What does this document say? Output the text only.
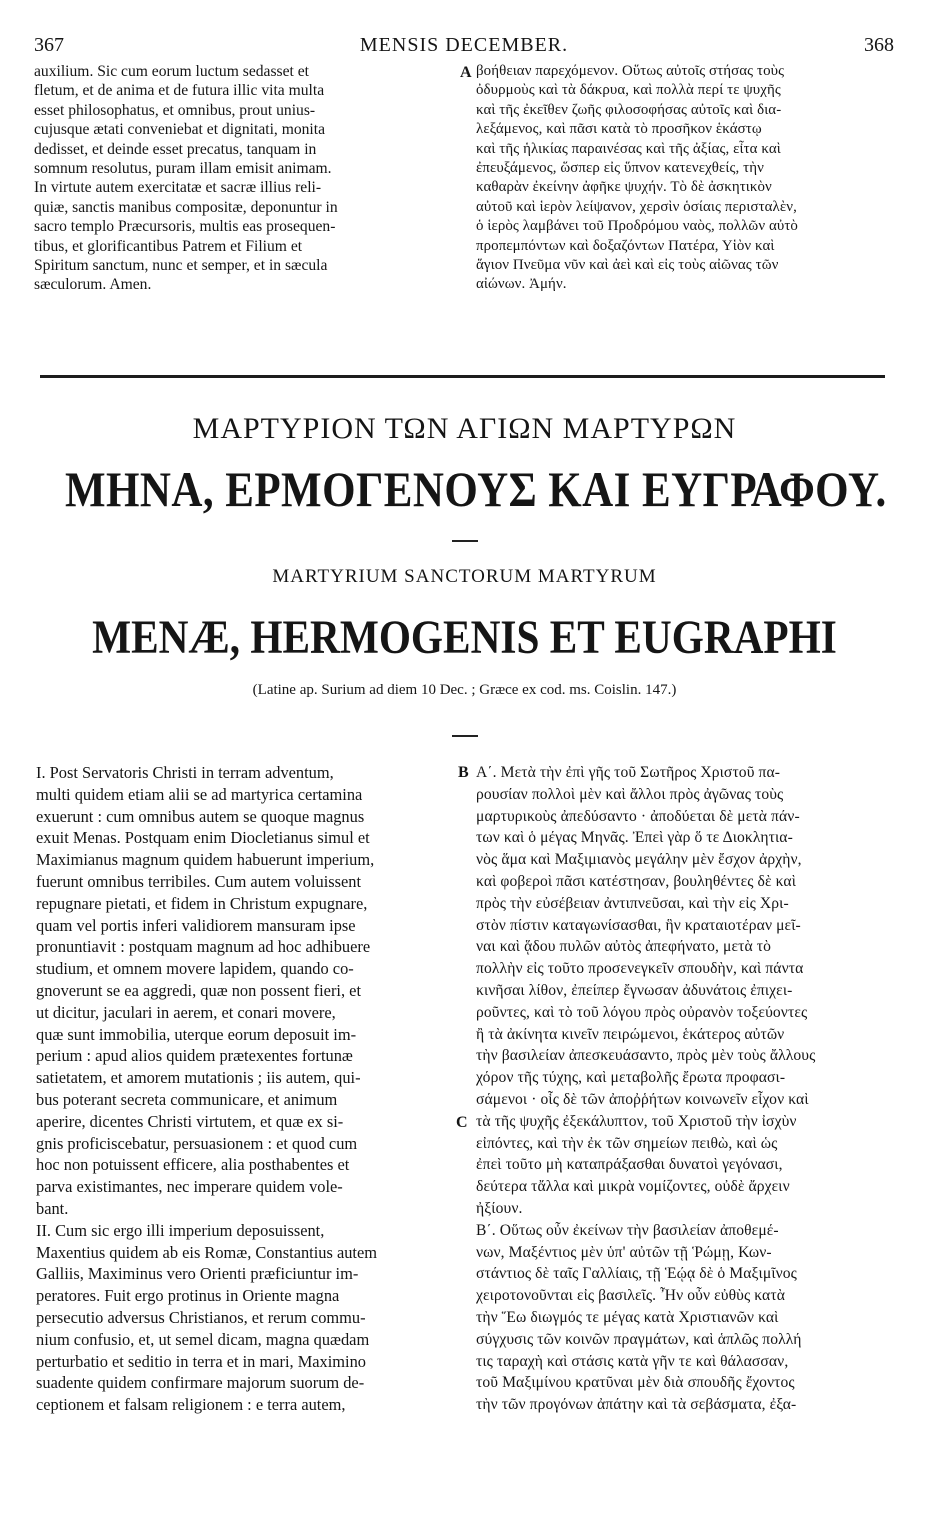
367	MENSIS DECEMBER.	368
auxilium. Sic cum eorum luctum sedasset et
fletum, et de anima et de futura illic vita multa
esset philosophatus, et omnibus, prout unius-
cujusque ætati conveniebat et dignitati, monita
dedisset, et deinde esset precatus, tanquam in
somnum resolutus, puram illam emisit animam.
In virtute autem exercitatæ et sacræ illius reli-
quiæ, sanctis manibus compositæ, deponuntur in
sacro templo Præcursoris, multis eas prosequen-
tibus, et glorificantibus Patrem et Filium et
Spiritum sanctum, nunc et semper, et in sæcula
sæculorum. Amen.
A βοήθειαν παρεχόμενον. Οὕτως αὐτοῖς στήσας τοὺς
ὀδυρμοὺς καὶ τὰ δάκρυα, καὶ πολλὰ περί τε ψυχῆς
καὶ τῆς ἐκεῖθεν ζωῆς φιλοσοφήσας αὐτοῖς καὶ δια-
λεξάμενος, καὶ πᾶσι κατὰ τὸ προσῆκον ἑκάστῳ
καὶ τῆς ἡλικίας παραινέσας καὶ τῆς ἀξίας, εἶτα καὶ
ἐπευξάμενος, ὥσπερ εἰς ὕπνον κατενεχθείς, τὴν
καθαρὰν ἐκείνην ἀφῆκε ψυχήν. Τὸ δὲ ἀσκητικὸν
αὐτοῦ καὶ ἱερὸν λείψανον, χερσὶν ὁσίαις περισταλὲν,
ὁ ἱερὸς λαμβάνει τοῦ Προδρόμου ναὸς, πολλῶν αὐτὸ
προπεμπόντων καὶ δοξαζόντων Πατέρα, Υἱὸν καὶ
ἅγιον Πνεῦμα νῦν καὶ ἀεὶ καὶ εἰς τοὺς αἰῶνας τῶν
αἰώνων. Ἀμήν.
ΜΑΡΤΥΡΙΟΝ ΤΩΝ ΑΓΙΩΝ ΜΑΡΤΥΡΩΝ
ΜΗΝΑ, ΕΡΜΟΓΕΝΟΥΣ ΚΑΙ ΕΥΓΡΑΦΟΥ.
MARTYRIUM SANCTORUM MARTYRUM
MENÆ, HERMOGENIS ET EUGRAPHI
(Latine ap. Surium ad diem 10 Dec. ; Græce ex cod. ms. Coislin. 147.)
I. Post Servatoris Christi in terram adventum,
multi quidem etiam alii se ad martyrica certamina
exuerunt : cum omnibus autem se quoque magnus
exuit Menas. Postquam enim Diocletianus simul et
Maximianus magnum quidem habuerunt imperium,
fuerunt omnibus terribiles. Cum autem voluissent
repugnare pietati, et fidem in Christum expugnare,
quam vel portis inferi validiorem mansuram ipse
pronuntiavit : postquam magnum ad hoc adhibuere
studium, et omnem movere lapidem, quando co-
gnoverunt se ea aggredi, quæ non possent fieri, et
ut dicitur, jaculari in aerem, et conari movere,
quæ sunt immobilia, uterque eorum deposuit im-
perium : apud alios quidem prætexentes fortunæ
satietatem, et amorem mutationis ; iis autem, qui-
bus poterant secreta communicare, et animum
aperire, dicentes Christi virtutem, et quæ ex si-
gnis proficiscebatur, persuasionem : et quod cum
hoc non potuissent efficere, alia posthabentes et
parva existimantes, nec imperare quidem vole-
bant.
II. Cum sic ergo illi imperium deposuissent,
Maxentius quidem ab eis Romæ, Constantius autem
Galliis, Maximinus vero Orienti præficiuntur im-
peratores. Fuit ergo protinus in Oriente magna
persecutio adversus Christianos, et rerum commu-
nium confusio, et, ut semel dicam, magna quædam
perturbatio et seditio in terra et in mari, Maximino
suadente quidem confirmare majorum suorum de-
ceptionem et falsam religionem : e terra autem,
B
C
Α΄. Μετὰ τὴν ἐπὶ γῆς τοῦ Σωτῆρος Χριστοῦ πα-
ρουσίαν πολλοὶ μὲν καὶ ἄλλοι πρὸς ἀγῶνας τοὺς
μαρτυρικοὺς ἀπεδύσαντο · ἀποδύεται δὲ μετὰ πάν-
των καὶ ὁ μέγας Μηνᾶς. Ἐπεὶ γὰρ ὅ τε Διοκλητια-
νὸς ἅμα καὶ Μαξιμιανὸς μεγάλην μὲν ἔσχον ἀρχὴν,
καὶ φοβεροὶ πᾶσι κατέστησαν, βουληθέντες δὲ καὶ
πρὸς τὴν εὐσέβειαν ἀντιπνεῦσαι, καὶ τὴν εἰς Χρι-
στὸν πίστιν καταγωνίσασθαι, ἣν κραταιοτέραν μεῖ-
ναι καὶ ᾅδου πυλῶν αὐτὸς ἀπεφήνατο, μετὰ τὸ
πολλὴν εἰς τοῦτο προσενεγκεῖν σπουδὴν, καὶ πάντα
κινῆσαι λίθον, ἐπείπερ ἔγνωσαν ἀδυνάτοις ἐπιχει-
ροῦντες, καὶ τὸ τοῦ λόγου πρὸς οὐρανὸν τοξεύοντες
ἢ τὰ ἀκίνητα κινεῖν πειρώμενοι, ἑκάτερος αὐτῶν
τὴν βασιλείαν ἀπεσκευάσαντο, πρὸς μὲν τοὺς ἄλλους
χόρον τῆς τύχης, καὶ μεταβολῆς ἔρωτα προφασι-
σάμενοι · οἷς δὲ τῶν ἀποῤῥήτων κοινωνεῖν εἶχον καὶ
τὰ τῆς ψυχῆς ἐξεκάλυπτον, τοῦ Χριστοῦ τὴν ἰσχὺν
εἰπόντες, καὶ τὴν ἐκ τῶν σημείων πειθὼ, καὶ ὡς
ἐπεὶ τοῦτο μὴ καταπράξασθαι δυνατοὶ γεγόνασι,
δεύτερα τἄλλα καὶ μικρὰ νομίζοντες, οὐδὲ ἄρχειν
ἠξίουν.
Β΄. Οὕτως οὖν ἐκείνων τὴν βασιλείαν ἀποθεμέ-
νων, Μαξέντιος μὲν ὑπ' αὐτῶν τῇ Ῥώμῃ, Κων-
στάντιος δὲ ταῖς Γαλλίαις, τῇ Ἑῴᾳ δὲ ὁ Μαξιμῖνος
χειροτονοῦνται εἰς βασιλεῖς. Ἦν οὖν εὐθὺς κατὰ
τὴν Ἕω διωγμός τε μέγας κατὰ Χριστιανῶν καὶ
σύγχυσις τῶν κοινῶν πραγμάτων, καὶ ἁπλῶς πολλή
τις ταραχὴ καὶ στάσις κατὰ γῆν τε καὶ θάλασσαν,
τοῦ Μαξιμίνου κρατῦναι μὲν διὰ σπουδῆς ἔχοντος
τὴν τῶν προγόνων ἀπάτην καὶ τὰ σεβάσματα, ἐξα-
